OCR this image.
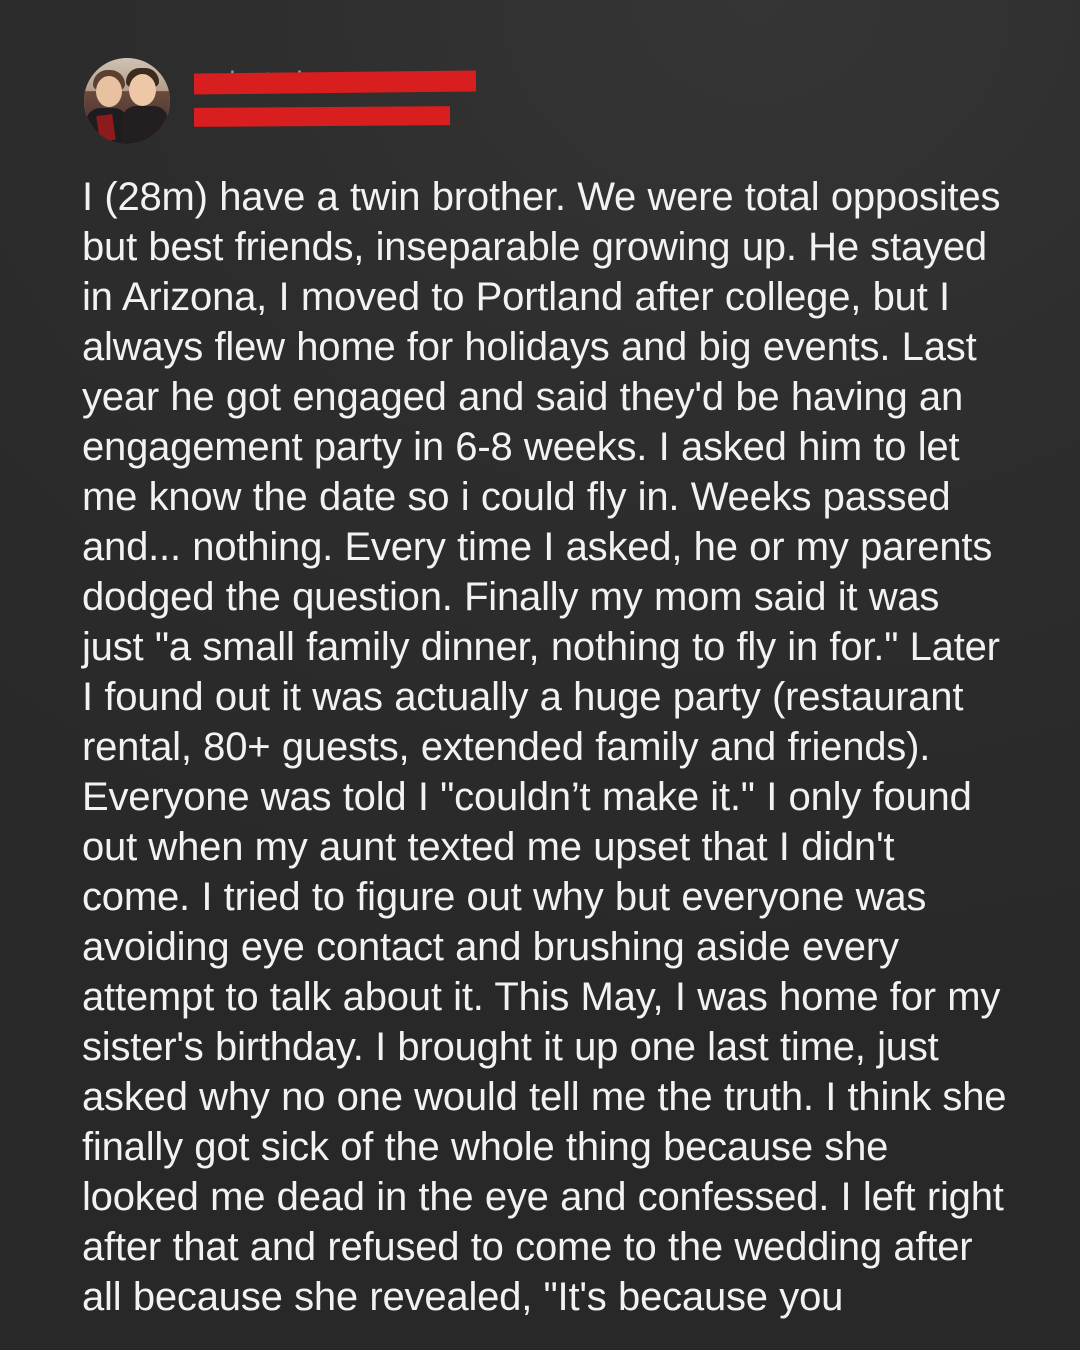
I (28m) have a twin brother. We were total opposites but best friends, inseparable growing up. He stayed in Arizona, I moved to Portland after college, but I always flew home for holidays and big events. Last year he got engaged and said they'd be having an engagement party in 6-8 weeks. I asked him to let me know the date so i could fly in. Weeks passed and... nothing. Every time I asked, he or my parents dodged the question. Finally my mom said it was just "a small family dinner, nothing to fly in for." Later I found out it was actually a huge party (restaurant rental, 80+ guests, extended family and friends). Everyone was told I "couldn’t make it." I only found out when my aunt texted me upset that I didn't come. I tried to figure out why but everyone was avoiding eye contact and brushing aside every attempt to talk about it. This May, I was home for my sister's birthday. I brought it up one last time, just asked why no one would tell me the truth. I think she finally got sick of the whole thing because she looked me dead in the eye and confessed. I left right after that and refused to come to the wedding after all because she revealed, "It's because you
